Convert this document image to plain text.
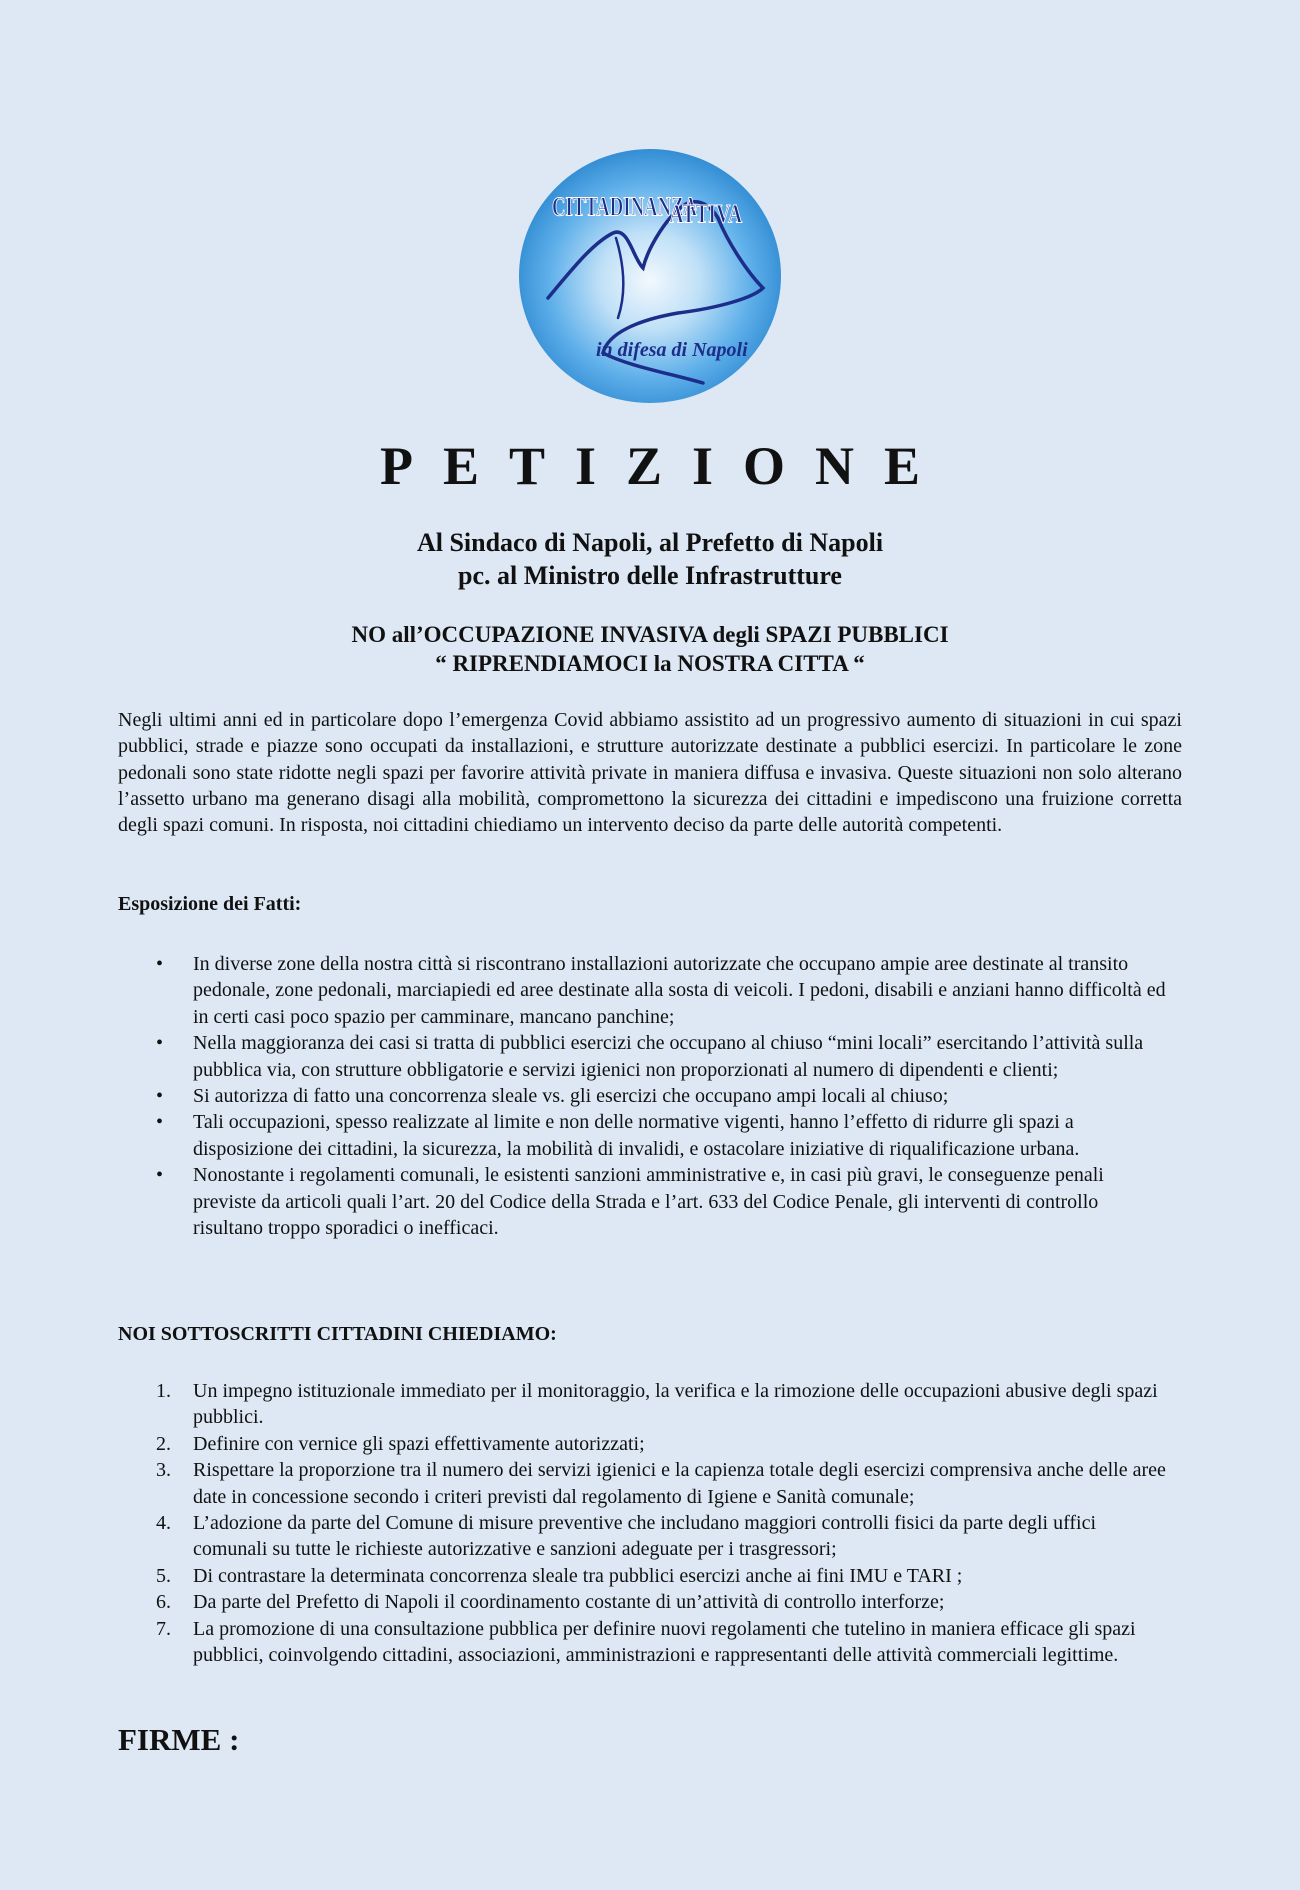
CITTADINANZA
ATTIVA
in difesa di Napoli
PETIZIONE
Al Sindaco di Napoli, al Prefetto di Napoli
pc. al Ministro delle Infrastrutture
NO all’OCCUPAZIONE INVASIVA degli SPAZI PUBBLICI
“ RIPRENDIAMOCI la NOSTRA CITTA “
Negli ultimi anni ed in particolare dopo l’emergenza Covid abbiamo assistito ad un progressivo aumento di situazioni in cui spazi pubblici, strade e piazze sono occupati da installazioni, e strutture autorizzate destinate a pubblici esercizi. In particolare le zone pedonali sono state ridotte negli spazi per favorire attività private in maniera diffusa e invasiva. Queste situazioni non solo alterano l’assetto urbano ma generano disagi alla mobilità, compromettono la sicurezza dei cittadini e impediscono una fruizione corretta degli spazi comuni. In risposta, noi cittadini chiediamo un intervento deciso da parte delle autorità competenti.
Esposizione dei Fatti:
• In diverse zone della nostra città si riscontrano installazioni autorizzate che occupano ampie aree destinate al transito pedonale, zone pedonali, marciapiedi ed aree destinate alla sosta di veicoli. I pedoni, disabili e anziani hanno difficoltà ed in certi casi poco spazio per camminare, mancano panchine;
• Nella maggioranza dei casi si tratta di pubblici esercizi che occupano al chiuso “mini locali” esercitando l’attività sulla pubblica via, con strutture obbligatorie e servizi igienici non proporzionati al numero di dipendenti e clienti;
• Si autorizza di fatto una concorrenza sleale vs. gli esercizi che occupano ampi locali al chiuso;
• Tali occupazioni, spesso realizzate al limite e non delle normative vigenti, hanno l’effetto di ridurre gli spazi a disposizione dei cittadini, la sicurezza, la mobilità di invalidi, e ostacolare iniziative di riqualificazione urbana.
• Nonostante i regolamenti comunali, le esistenti sanzioni amministrative e, in casi più gravi, le conseguenze penali previste da articoli quali l’art. 20 del Codice della Strada e l’art. 633 del Codice Penale, gli interventi di controllo risultano troppo sporadici o inefficaci.
NOI SOTTOSCRITTI CITTADINI CHIEDIAMO:
1. Un impegno istituzionale immediato per il monitoraggio, la verifica e la rimozione delle occupazioni abusive degli spazi pubblici.
2. Definire con vernice gli spazi effettivamente autorizzati;
3. Rispettare la proporzione tra il numero dei servizi igienici e la capienza totale degli esercizi comprensiva anche delle aree date in concessione secondo i criteri previsti dal regolamento di Igiene e Sanità comunale;
4. L’adozione da parte del Comune di misure preventive che includano maggiori controlli fisici da parte degli uffici comunali su tutte le richieste autorizzative e sanzioni adeguate per i trasgressori;
5. Di contrastare la determinata concorrenza sleale tra pubblici esercizi anche ai fini IMU e TARI ;
6. Da parte del Prefetto di Napoli il coordinamento costante di un’attività di controllo interforze;
7. La promozione di una consultazione pubblica per definire nuovi regolamenti che tutelino in maniera efficace gli spazi pubblici, coinvolgendo cittadini, associazioni, amministrazioni e rappresentanti delle attività commerciali legittime.
FIRME :
